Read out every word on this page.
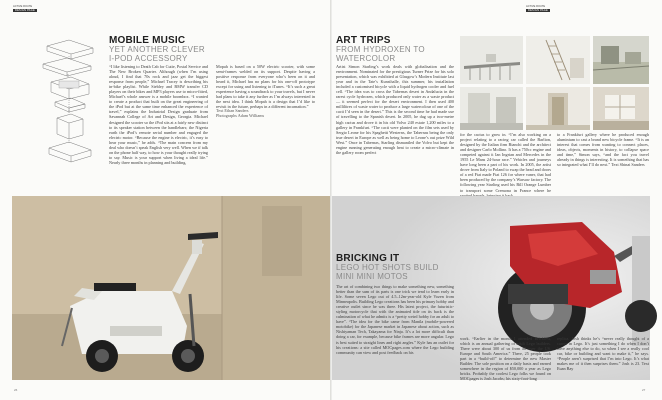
ACTIVE ROUTE
DESIGN PAGE
ACTIVE ROUTE
DESIGN PAGE
MOBILE MUSIC
YET ANOTHER CLEVER
I-POD ACCESSORY

“I like listening to Death Cab for Cutie, Postal Service and The New Broken Quarter. Although (when I’m using aloud, I find that 70s rock and jazz get the biggest response from people,” Michael Tracey is describing his in-bike playlist. While Siebley and BMW transfer CD players on their bikes and MP3 players use to micro-fitted, Michael’s whole answer is a mobile boombox. “I wanted to create a product that built on the great engineering of the iPod but at the same time enhanced the experience of travel,” explains the Industrial Design graduate from Savannah College of Art and Design, Georgia. Michael designed the scooter so the iPod sits at a fairly new distinct to its speaker station between the handlebars; the Nigeria earth the iPod’s remote serial number and engaged the electric motor. “Because the engine is electric, it’s easy to hear your music,” he adds. “The main concern from my deal who doesn’t speak English very well. When we if talk on the phone half way, to how is your thought really trying to say. Music is your support when living a ideal life.” Nearly three months in planning and building,

Mopah is based on a 50W electric scooter, with some semi-frames welded on its support. Despite having a positive response from everyone who’s been on it and heard it, Michael has no plans for his one-off prototype except for using and listening to iTunes. “It’s such a great experience having a soundtrack to your travels, but I never had plans to take it any further as I’m always interested in the next idea. I think Mopah is a design that I’d like to revisit in the future, perhaps in a different incarnation.”

Text Ethan Sanders
Photographs Adam Williams
26
ART TRIPS
FROM HYDROXEN TO
WATERCOLOR

Artist Simon Starling’s work deals with globalisation and the environment. Nominated for the prestigious Turner Prize for his solo presentation, which was exhibited at Glasgow’s Modern Institute last year and in the Tate’s Kunsthalle, this summer, his installation included a customised bicycle with a liquid hydrogen cooler and fuel cell. “The idea was to cross the Tabernas desert in Andalucia in the rarest cycle hydroxen, which produced only water as a waste product — it seemed perfect for the desert environment. I then used 400 millilitres of waste water to produce a large watercolour of one of the cacti I’d seen in the desert.” This is the second time he had made use of travelling to the Spanish desert. In 2005, he dug up a two-metre high cactus and drove it in his old Volvo 240 estate 1,200 miles to a gallery in Frankfurt. “The cacti were planted on the film sets used by Sergio Leone for his Spaghetti Westerns, the Tabernas being the only true desert in Europe as well as being home to Leone’s out prize Wild West.” Once in Tabernas, Starling dismantled the Volvo but kept the engine running generating enough heat to create a micro-climate in the gallery room perfect

for the cactus to grow in. “I’m also working on a project relating to a racing car called the Barlion, designed by the Italian firm Bianchi and the architect and designer Carlo Mollino. It has a 750cc engine and competed against it Ian Ingrian and Mercedes in the 1955 Le Mans 24-hour race.” Vehicles and journeys have long been a part of his work. In 2005, the artist drove from Italy to Poland to swap the head and doors of a red Fiat made Fiat 126 for where vaner, that had been produced by the company’s Warsaw factory. The following year Starling used his Bill Orange Lumber to transport some Cremona in France where he

to a Frankfurt gallery where he produced enough aluminium to cast a brand new bicycle frame. “It is an interest that comes from wanting to connect places, ideas, objects, moments in history, to collapse space and time,” Simon says, “and the fact you travel already in things is interesting. It is something that has so integrated what I’ll do next.” Text Shinai Sanders

BRICKING IT
LEGO HOT SHOTS BUILD
MINI MINI MOTOS

The art of combining two things to make something new, something better than the sum of its parts is one trick we tend to learn early in life. Some seven Lego out of 4.5–12m-year-old Kyle Vozen from Minneapolis. Building Lego creations has been his primary hobby and creative outlet since he was three. His latest project, the futuristic-styling motorcycle that with the animated tide on its back is the culmination of what he admits is a “pretty weird hobby for an adult to have”. “The idea for the bike came from Manila (mobile-powered motobike) for the Japanese market in Japanese about action, such as Nishiyaman Tech, Takayama for Ninja. It’s a lot more difficult than doing a car, for example, because bike frames are more angular. Lego is best suited to straight lines and right angles.” Kyle has an outlet for his creations: a site called MOCpages.com where the Lego building community can view and post feedback on his

work. “Earlier in the month I attended Brickfest, which is an annual gathering of adult Lego builders. There were about 300 of us from all over the US, Europe and South America.” There, 25 people took part in a “build-off” to determine the new Master Builder. The sole position on a daily basis and earned somewhere in the region of $50,000 a year as Lego bricks. Probably the coolest Lego folks we found on MOCpages is Josh Jacobs; his sixty-foot-long

replica. Josh thinks he’s “never really thought of a career in Lego. It’s just something I do when I don’t have anything else to do, so when I see a really cool car, bike or building and want to make it,” he says. “People aren’t surprised that I’m into Lego. It’s what makes me of it then surprises them.” Josh is 23. Text Euan Bay

27
